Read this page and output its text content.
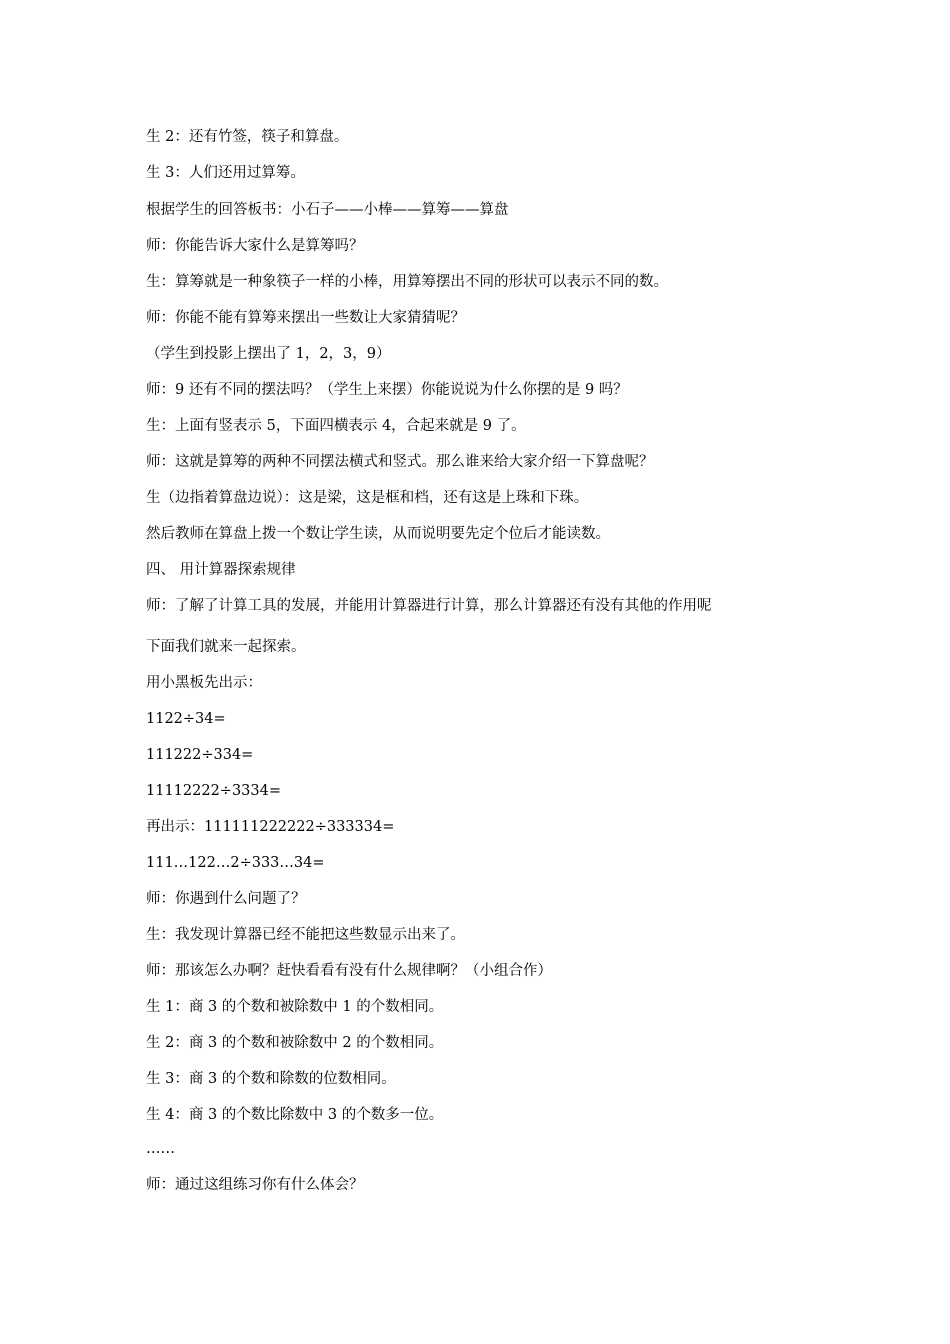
生 2：还有竹签，筷子和算盘。
生 3：人们还用过算筹。
根据学生的回答板书：小石子——小棒——算筹——算盘
师：你能告诉大家什么是算筹吗？
生：算筹就是一种象筷子一样的小棒，用算筹摆出不同的形状可以表示不同的数。
师：你能不能有算筹来摆出一些数让大家猜猜呢？
（学生到投影上摆出了 1，2，3，9）
师：9 还有不同的摆法吗？（学生上来摆）你能说说为什么你摆的是 9 吗？
生：上面有竖表示 5，下面四横表示 4，合起来就是 9 了。
师：这就是算筹的两种不同摆法横式和竖式。那么谁来给大家介绍一下算盘呢？
生（边指着算盘边说）：这是梁，这是框和档，还有这是上珠和下珠。
然后教师在算盘上拨一个数让学生读，从而说明要先定个位后才能读数。
四、 用计算器探索规律
师：了解了计算工具的发展，并能用计算器进行计算，那么计算器还有没有其他的作用呢
下面我们就来一起探索。
用小黑板先出示：
1122÷34=
111222÷334=
11112222÷3334=
再出示：111111222222÷333334=
111…122…2÷333…34=
师：你遇到什么问题了？
生：我发现计算器已经不能把这些数显示出来了。
师：那该怎么办啊？赶快看看有没有什么规律啊？（小组合作）
生 1：商 3 的个数和被除数中 1 的个数相同。
生 2：商 3 的个数和被除数中 2 的个数相同。
生 3：商 3 的个数和除数的位数相同。
生 4：商 3 的个数比除数中 3 的个数多一位。
……
师：通过这组练习你有什么体会？
